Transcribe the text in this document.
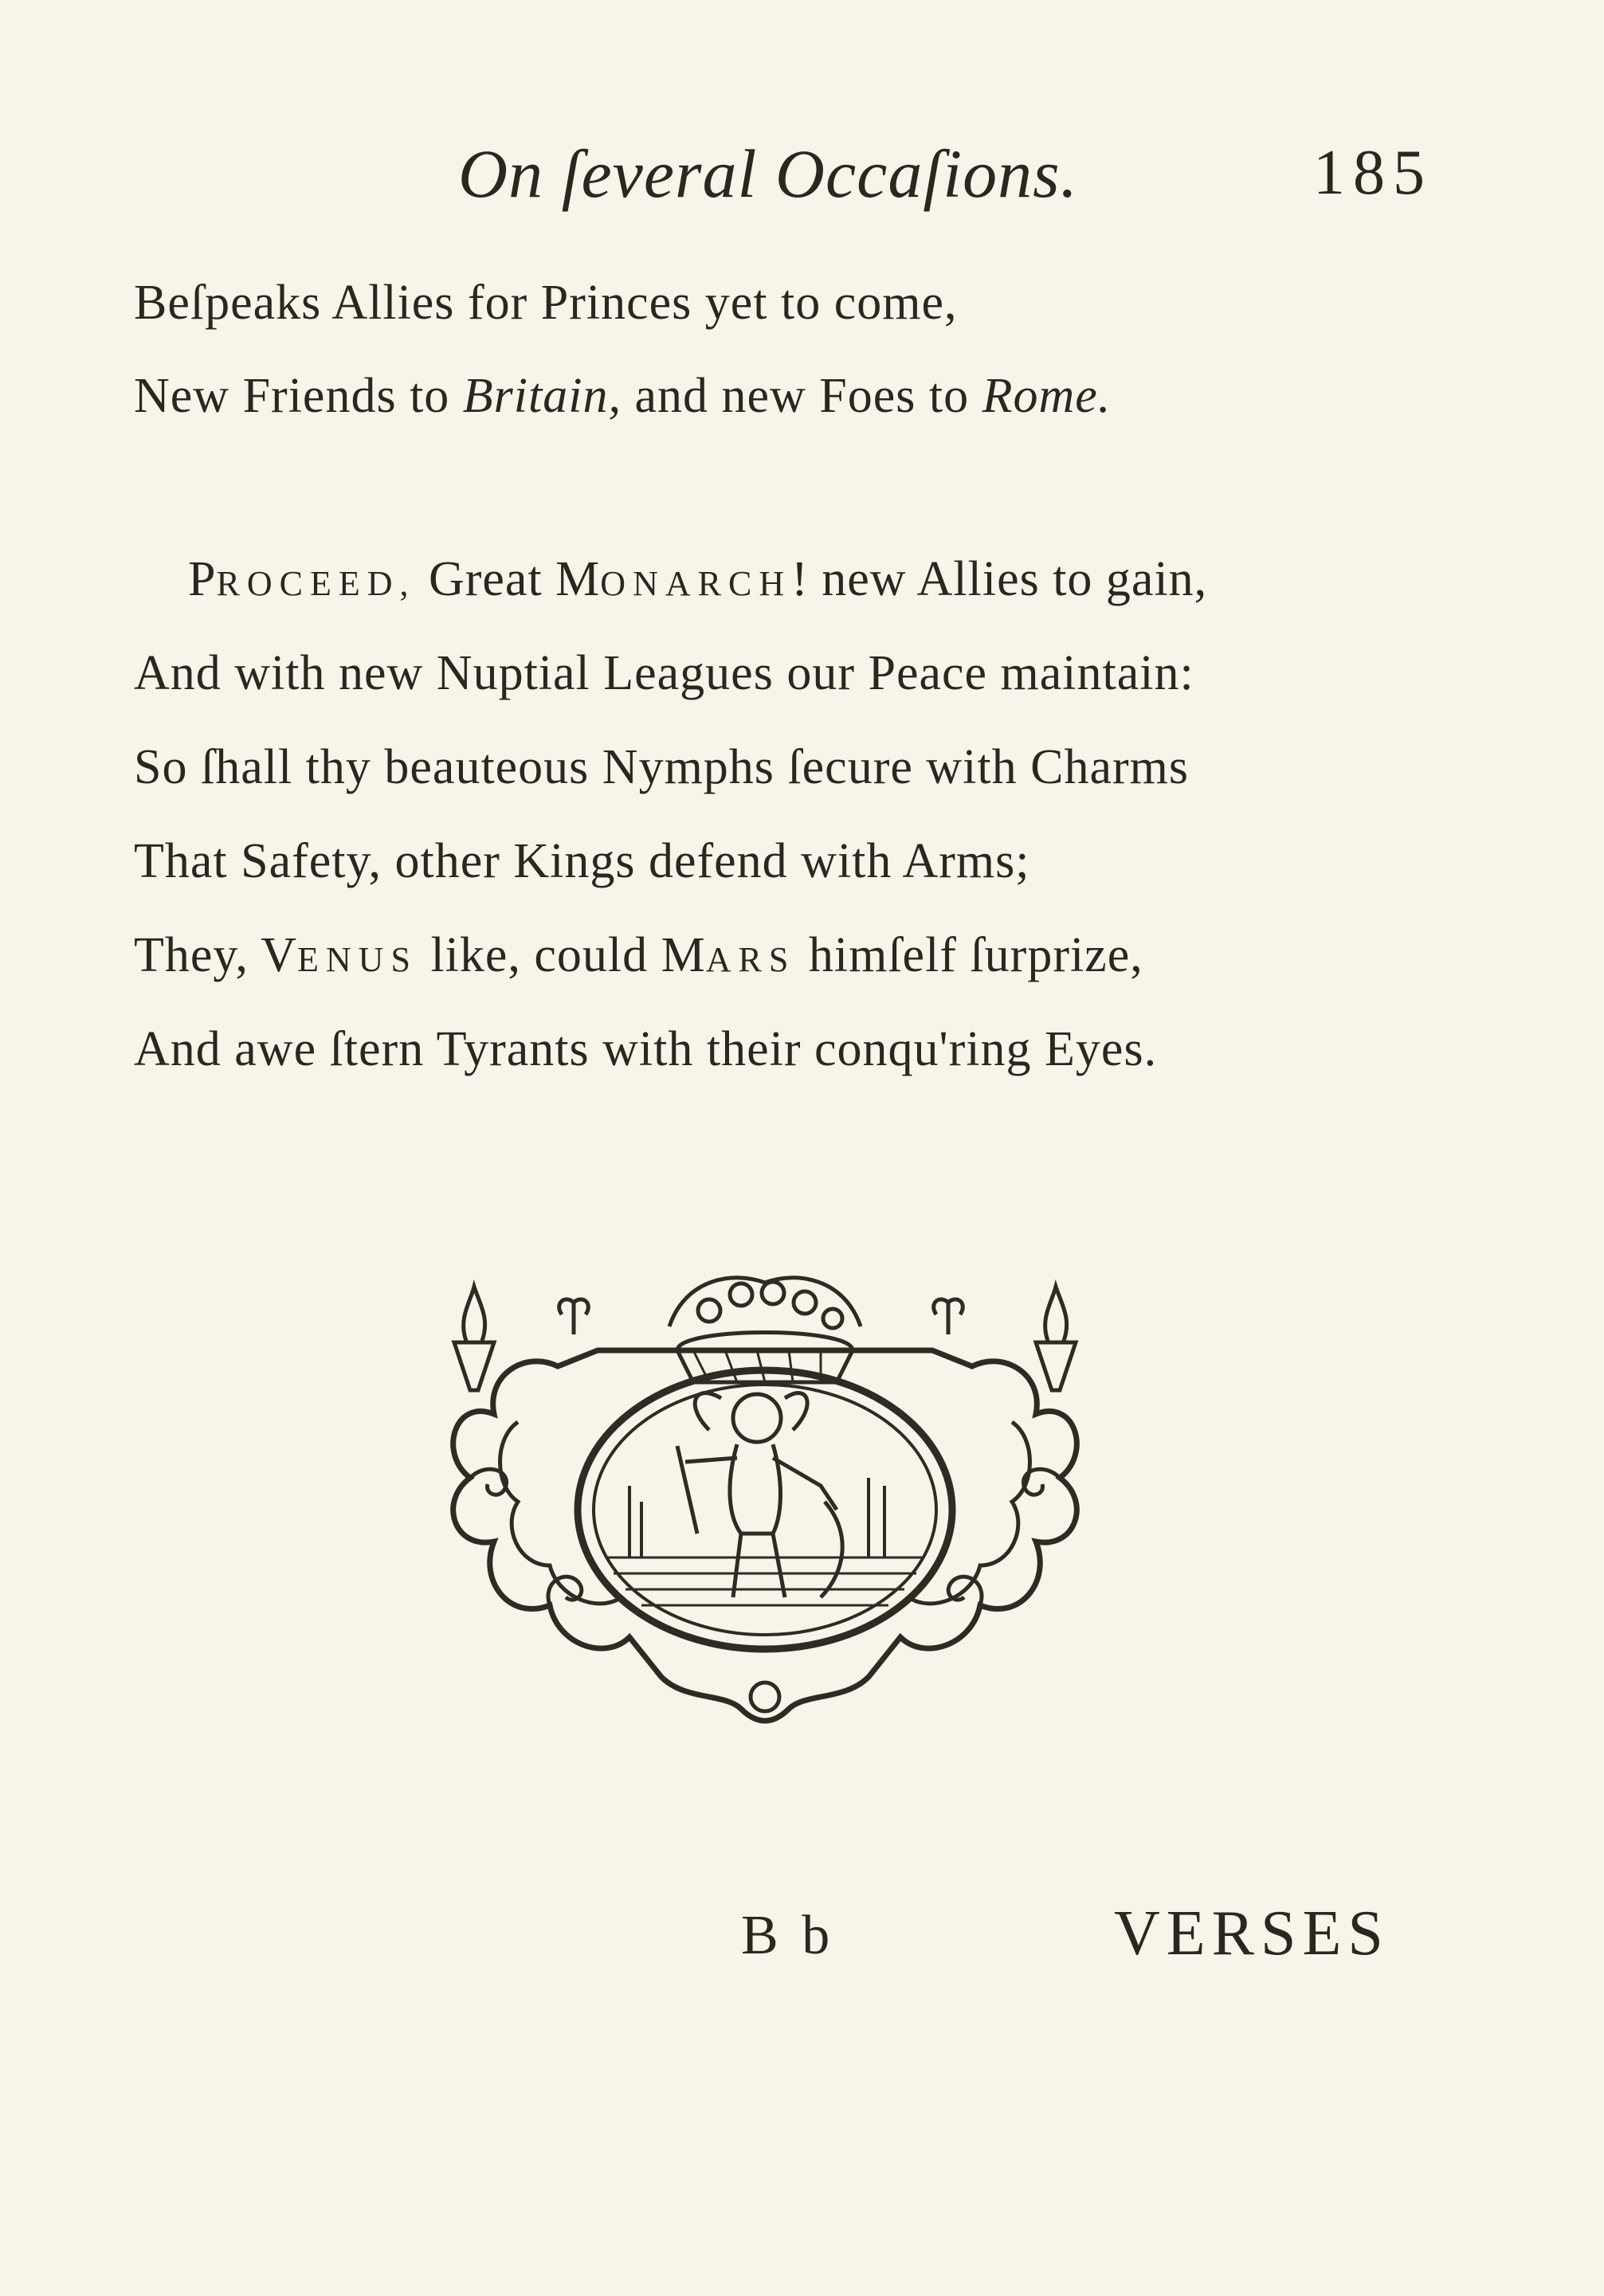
On ſeveral Occaſions.	185
Beſpeaks Allies for Princes yet to come,
New Friends to Britain, and new Foes to Rome.
PROCEED, Great MONARCH! new Allies to gain,
And with new Nuptial Leagues our Peace maintain:
So ſhall thy beauteous Nymphs ſecure with Charms
That Safety, other Kings defend with Arms;
They, VENUS like, could MARS himſelf ſurprize,
And awe ſtern Tyrants with their conqu'ring Eyes.
B b	VERSES
